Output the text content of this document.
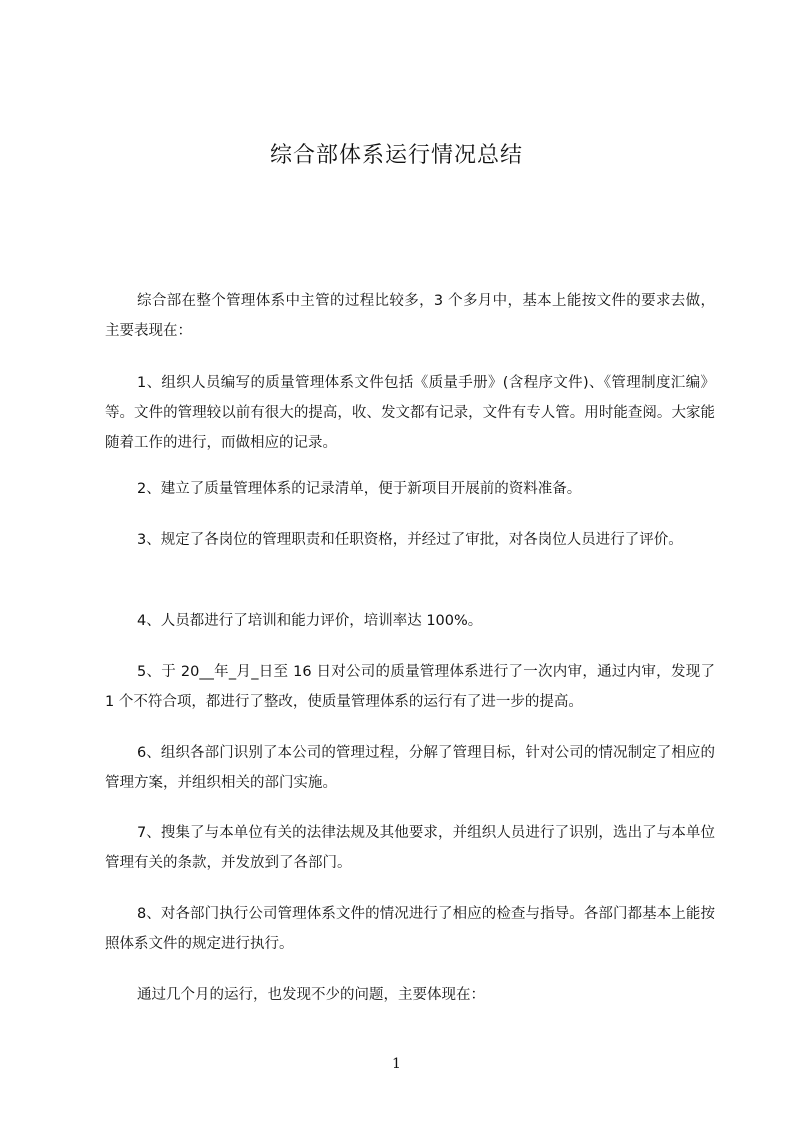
综合部体系运行情况总结

综合部在整个管理体系中主管的过程比较多，3 个多月中，基本上能按文件的要求去做，主要表现在：

1、组织人员编写的质量管理体系文件包括《质量手册》(含程序文件)、《管理制度汇编》等。文件的管理较以前有很大的提高，收、发文都有记录，文件有专人管。用时能查阅。大家能随着工作的进行，而做相应的记录。

2、建立了质量管理体系的记录清单，便于新项目开展前的资料准备。

3、规定了各岗位的管理职责和任职资格，并经过了审批，对各岗位人员进行了评价。

4、人员都进行了培训和能力评价，培训率达 100%。

5、于 20__年_月_日至 16 日对公司的质量管理体系进行了一次内审，通过内审，发现了 1 个不符合项，都进行了整改，使质量管理体系的运行有了进一步的提高。

6、组织各部门识别了本公司的管理过程，分解了管理目标，针对公司的情况制定了相应的管理方案，并组织相关的部门实施。

7、搜集了与本单位有关的法律法规及其他要求，并组织人员进行了识别，选出了与本单位管理有关的条款，并发放到了各部门。

8、对各部门执行公司管理体系文件的情况进行了相应的检查与指导。各部门都基本上能按照体系文件的规定进行执行。

通过几个月的运行，也发现不少的问题，主要体现在：

1
